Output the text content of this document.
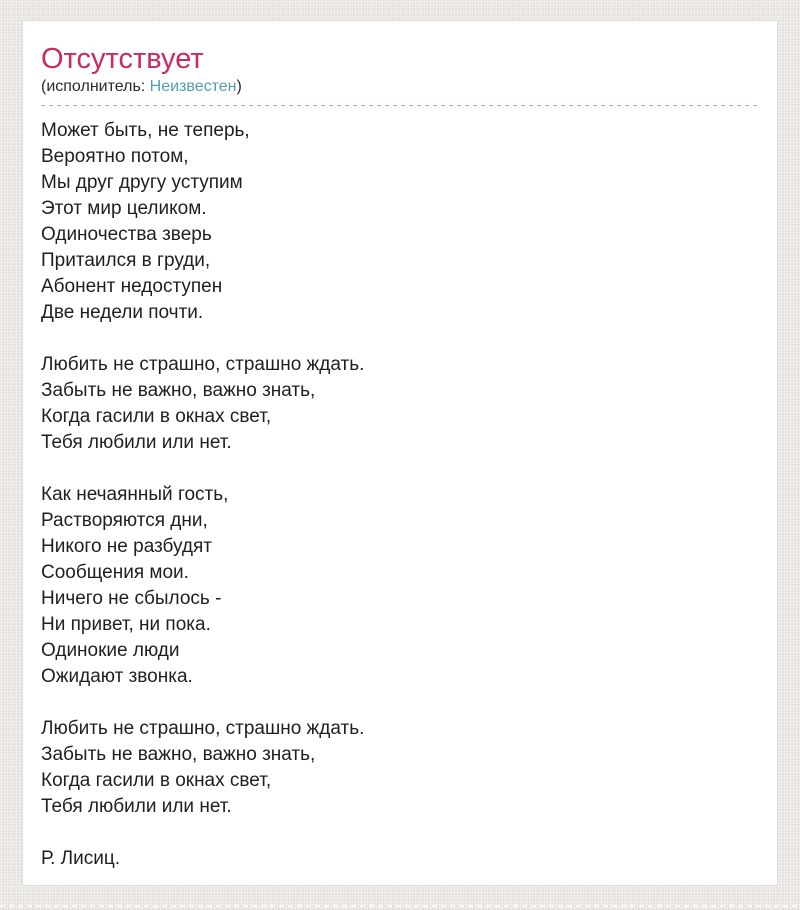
Отсутствует
(исполнитель: Неизвестен)
Может быть, не теперь,
Вероятно потом,
Мы друг другу уступим
Этот мир целиком.
Одиночества зверь
Притаился в груди,
Абонент недоступен
Две недели почти.

Любить не страшно, страшно ждать.
Забыть не важно, важно знать,
Когда гасили в окнах свет,
Тебя любили или нет.

Как нечаянный гость,
Растворяются дни,
Никого не разбудят
Сообщения мои.
Ничего не сбылось -
Ни привет, ни пока.
Одинокие люди
Ожидают звонка.

Любить не страшно, страшно ждать.
Забыть не важно, важно знать,
Когда гасили в окнах свет,
Тебя любили или нет.

Р. Лисиц.
